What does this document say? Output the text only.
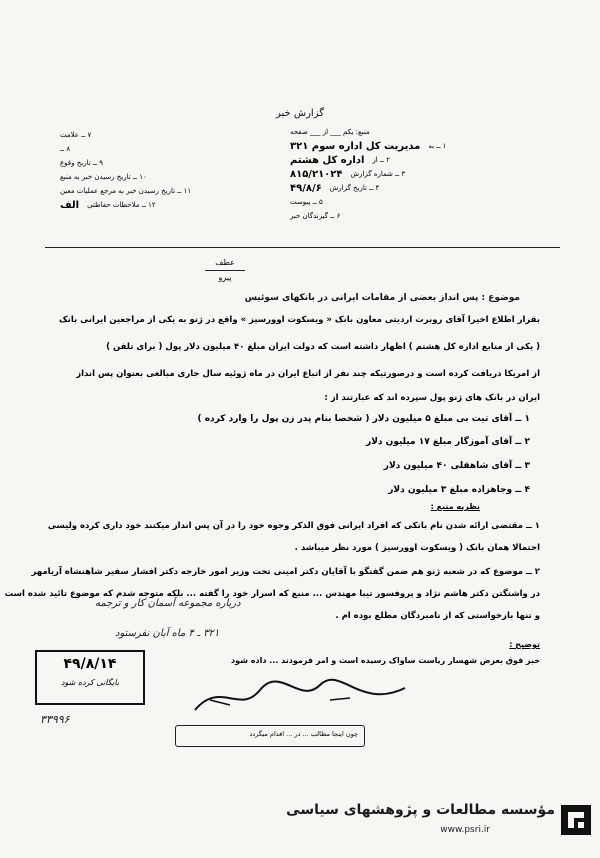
گزارش خبر
منبع: یکم ___ از ___ صفحه
۱ ــ به
مدیریت کل اداره سوم ۳۲۱
۲ ــ از
اداره کل هشتم
۳ ــ شماره گزارش
۸۱۵/۲۱۰۲۴
۴ ــ تاریخ گزارش
۴۹/۸/۶
۵ ــ پیوست
۶ ــ گیرندگان خبر
۷ ــ علامت
۸ ــ
۹ ــ تاریخ وقوع
۱۰ ــ تاریخ رسیدن خبر به منبع
۱۱ ــ تاریخ رسیدن خبر به مرجع عملیات معین
۱۲ ــ ملاحظات حفاظتی
الف
عطف
پیرو
موضوع : پس انداز بعضی از مقامات ایرانی در بانکهای سوئیس
بقرار اطلاع اخیرا آقای روبرت اردیتی معاون بانک « ویسکوت اوورسیز » واقع در ژنو به یکی از مراجعین ایرانی بانک
( یکی از منابع اداره کل هشتم ) اظهار داشته است که دولت ایران مبلغ ۴۰ میلیون دلار پول ( برای تلفن )
از امریکا دریافت کرده است و درصورتیکه چند نفر از اتباع ایران در ماه ژوئیه سال جاری مبالغی بعنوان پس انداز
ایران در بانک های ژنو پول سپرده اند که عبارتند از :
۱ ــ آقای تیت بی مبلغ ۵ میلیون دلار ( شخصا بنام پدر زن پول را وارد کرده )
۲ ــ آقای آموزگار مبلغ ۱۷ میلیون دلار
۳ ــ آقای شاهقلی ۴۰ میلیون دلار
۴ ــ وجاهزاده مبلغ ۳ میلیون دلار
نظریه منبع :
۱ ــ مقتضی ارائه شدن نام بانکی که افراد ایرانی فوق الذکر وجوه خود را در آن پس انداز میکنند خود داری کرده ولیسی
احتمالا همان بانک ( ویسکوت اوورسیز ) مورد نظر میباشد .
۲ ــ موضوع که در شعبه ژنو هم ضمن گفتگو با آقایان دکتر امینی تحت وزیر امور خارجه دکتر افشار سفیر شاهنشاه آریامهر
در واشنگتن دکتر هاشم نژاد و پروفسور تیبا مهندس ... منبع که اسرار خود را گفته ... بلکه متوجه شدم که موضوع تائید شده است
و تنها بازخواستی که از نامبردگان مطلع بوده ام .
درباره مجموعه آسمان کار و ترجمه
۳۲۱ ـ ۴ ماه آبان نفرستود
توضیح :
خبر فوق بعرض شهسار ریاست ساواک رسیده است و امر فرمودند ... داده شود
۴۹/۸/۱۴
بایگانی کرده شود
۳۳۹۹۶
چون اینجا مطالب ... در ... اقدام میگردد
مؤسسه مطالعات و پژوهشهای سیاسی
www.psri.ir
